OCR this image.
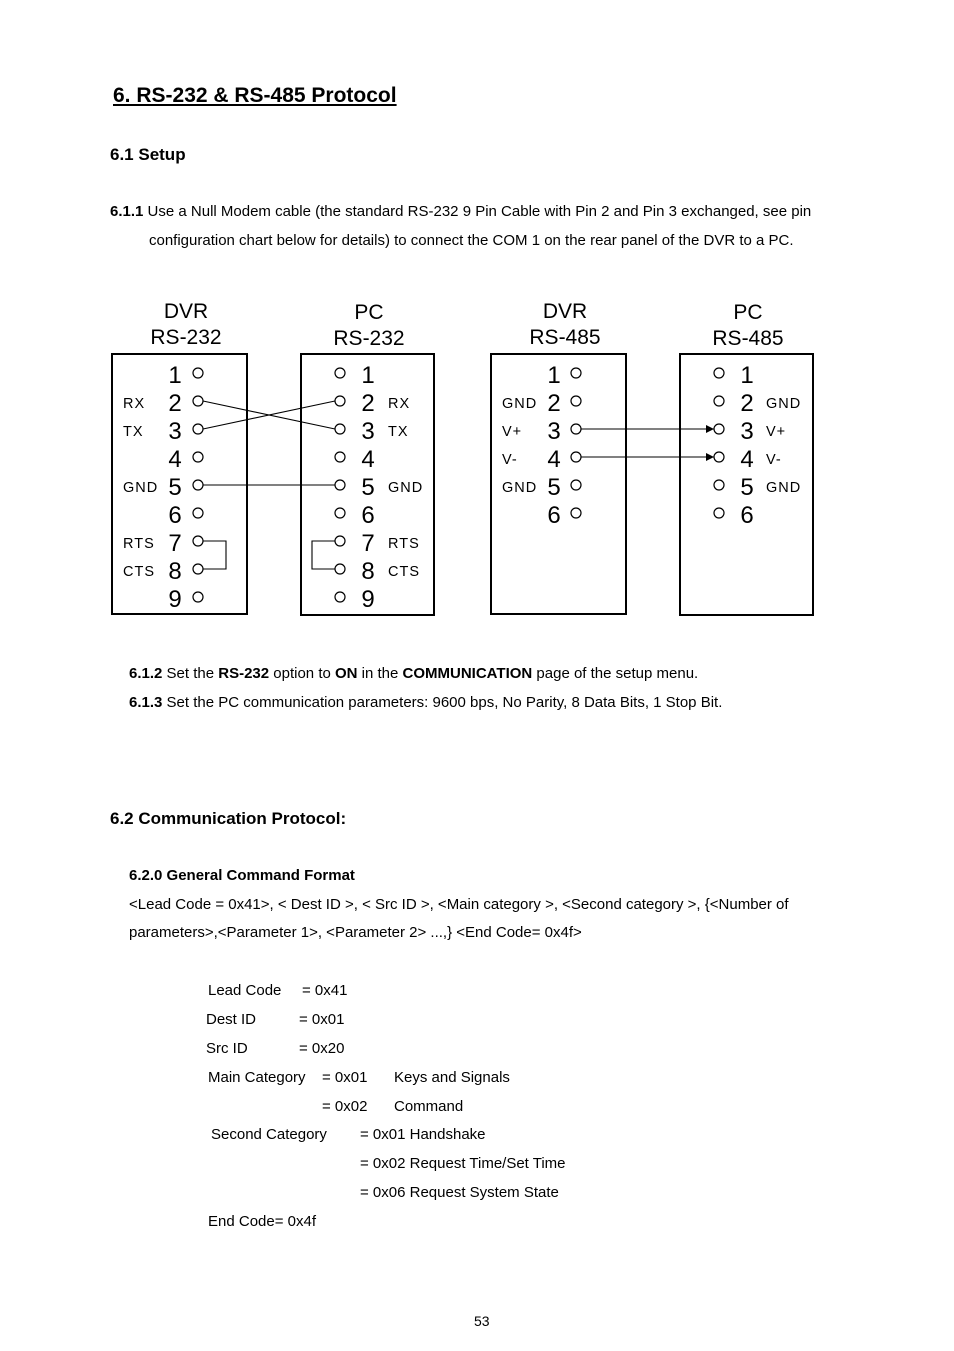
6. RS-232 & RS-485 Protocol
6.1 Setup
6.1.1 Use a Null Modem cable (the standard RS-232 9 Pin Cable with Pin 2 and Pin 3 exchanged, see pin
configuration chart below for details) to connect the COM 1 on the rear panel of the DVR to a PC.
DVR
RS-232
PC
RS-232
DVR
RS-485
PC
RS-485
1
2
RX
3
TX
4
5
GND
6
7
RTS
8
CTS
9
1
2 RX
3 TX
4
5 GND
6
7 RTS
8 CTS
9
1
2
GND
3
V+
4
V-
5
GND
6
1
2 GND
3 V+
4 V-
5 GND
6
6.1.2 Set the RS-232 option to ON in the COMMUNICATION page of the setup menu.
6.1.3 Set the PC communication parameters: 9600 bps, No Parity, 8 Data Bits, 1 Stop Bit.
6.2 Communication Protocol:
6.2.0 General Command Format
<Lead Code = 0x41>, < Dest ID >, < Src ID >, <Main category >, <Second category >, {<Number of
parameters>,<Parameter 1>, <Parameter 2> ...,} <End Code= 0x4f>
Lead Code = 0x41
Dest ID	= 0x01
Src ID	= 0x20
Main Category = 0x01 Keys and Signals
= 0x02 Command
Second Category = 0x01 Handshake
= 0x02 Request Time/Set Time
= 0x06 Request System State
End Code= 0x4f
53
